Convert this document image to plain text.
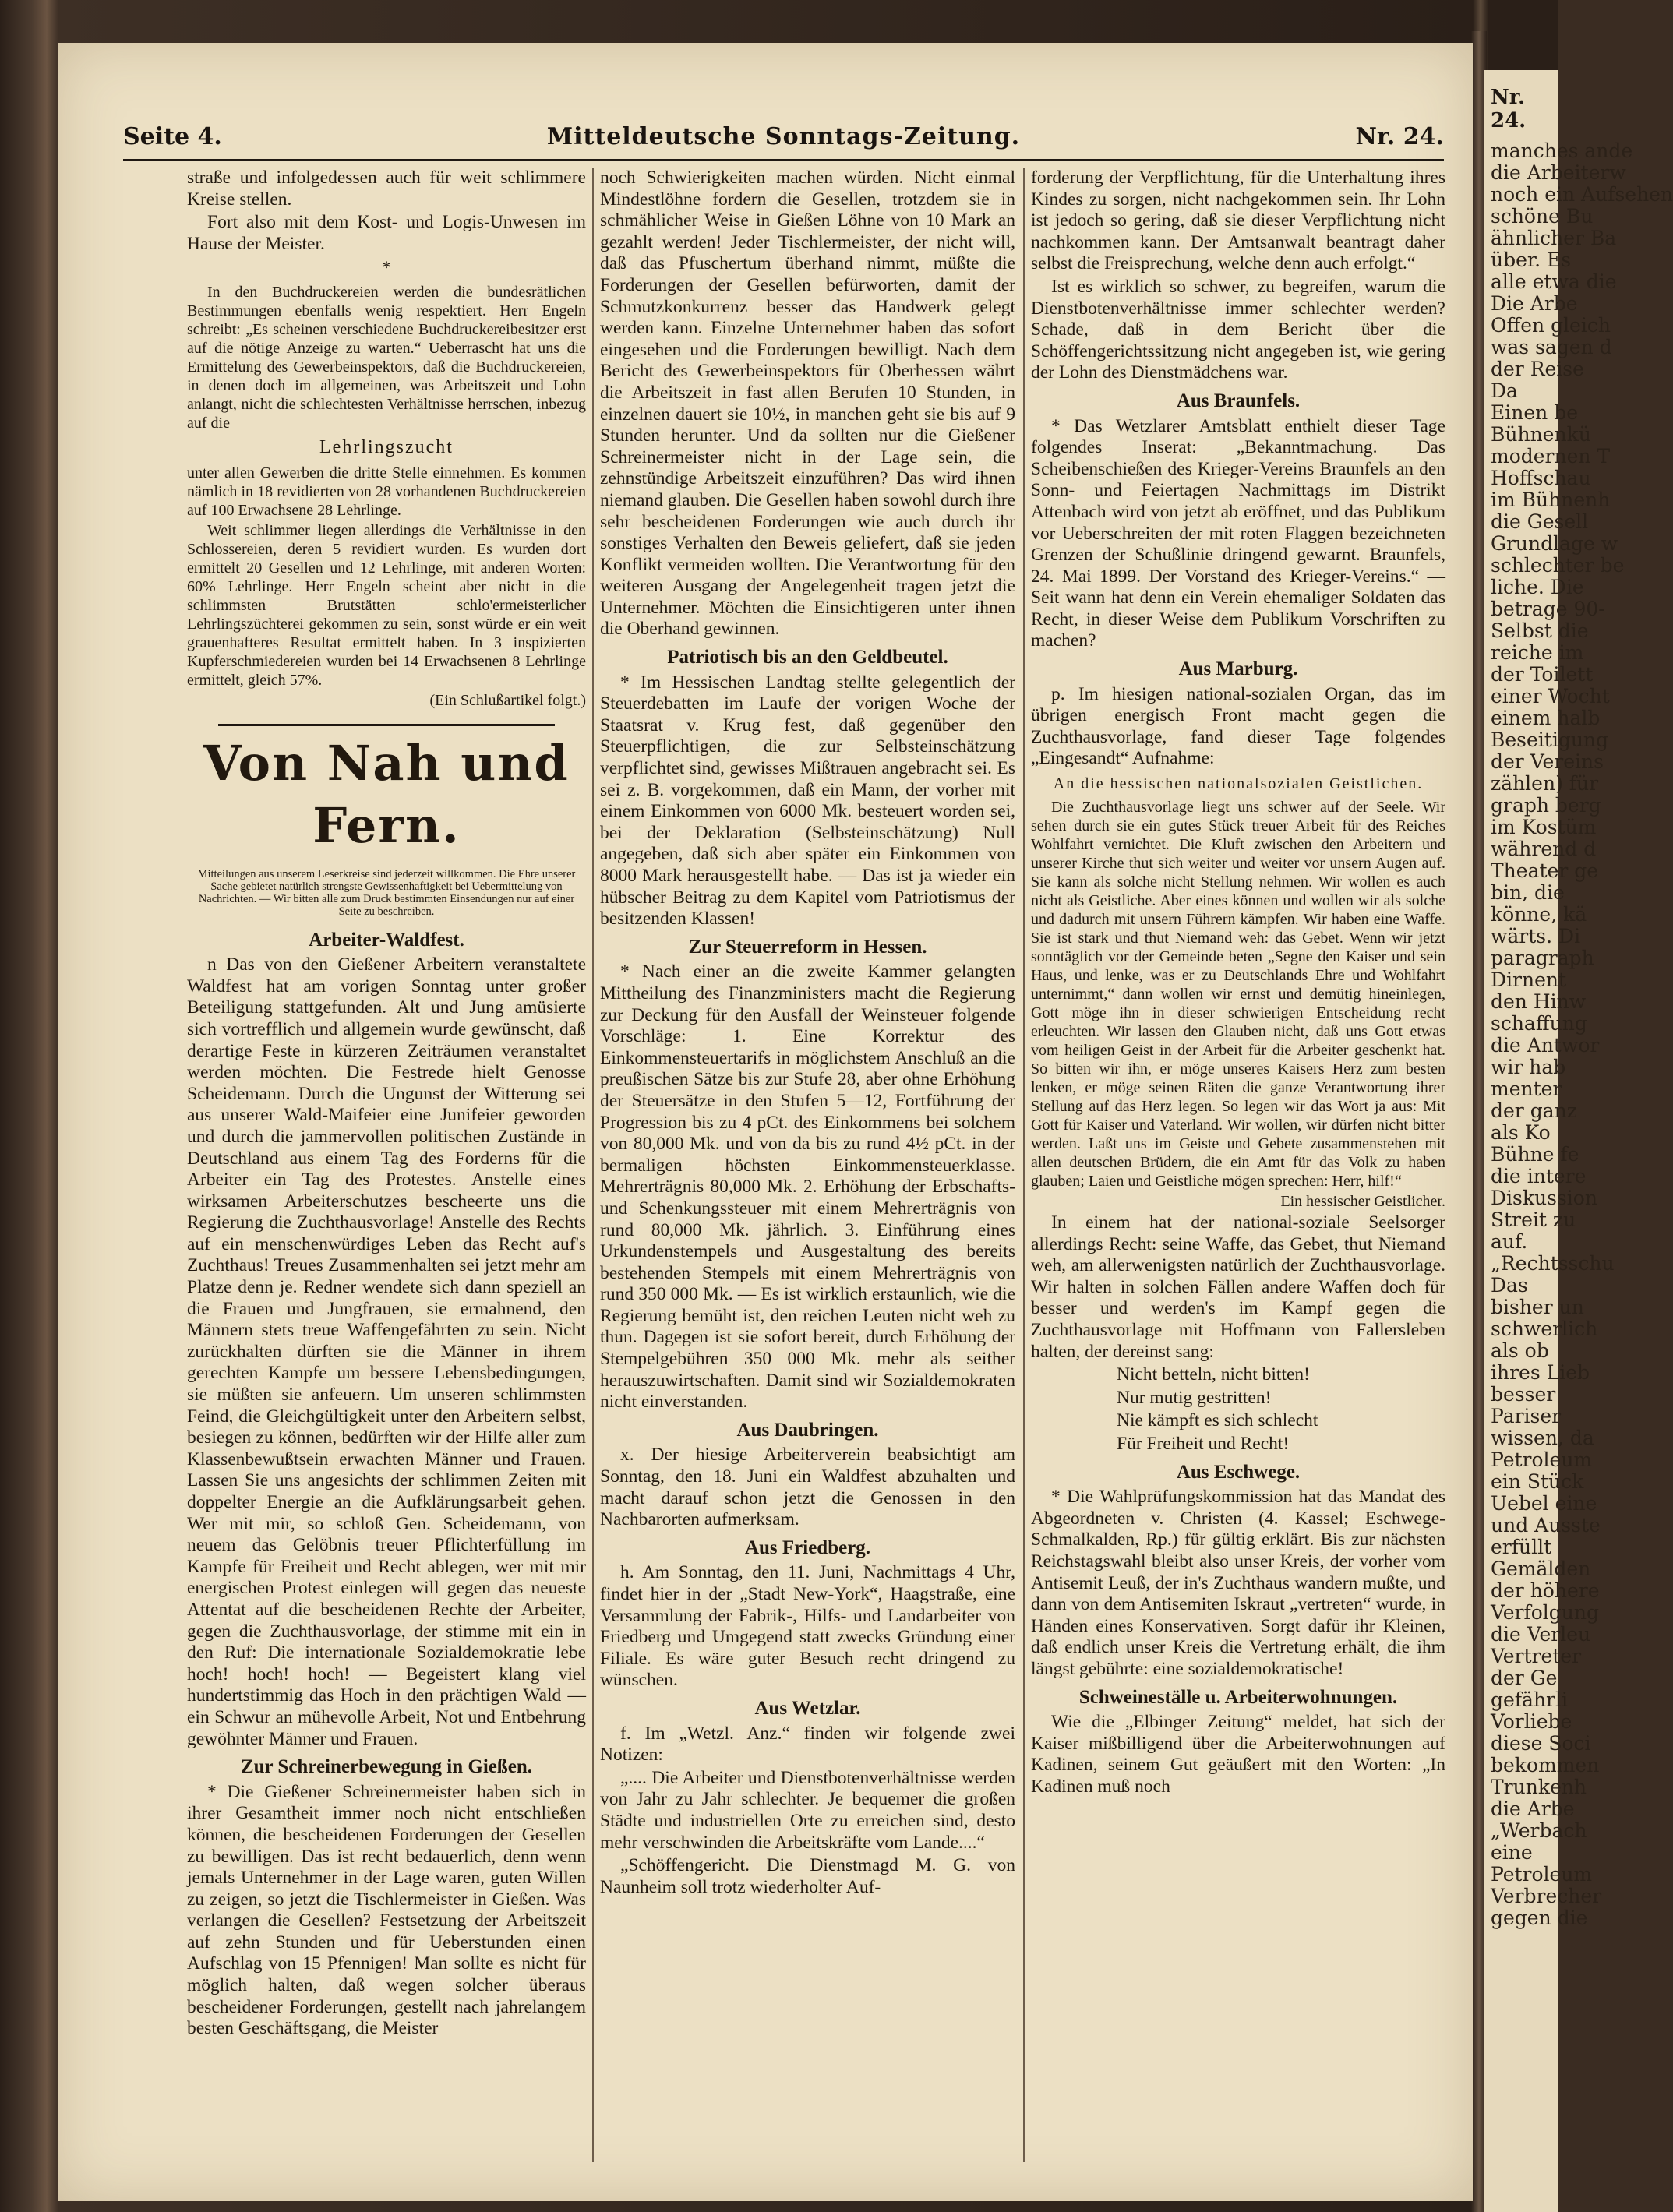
Nr. 24.
manches ande
die Arbeiterw
noch ein Aufsehen
schöne Bu
ähnlicher Ba
über. Es
alle etwa die
Die Arbe
Offen gleich
was sagen d
der Reise
Da
Einen be
Bühnenkü
modernen T
Hoffschau
im Bühnenh
die Gesell
Grundlage w
schlechter be
liche. Die
betrage 90-
Selbst die
reiche im
der Toilett
einer Wocht
einem halb
Beseitigung
der Vereins
zählen) für
graph berg
im Kostüm
während d
Theater ge
bin, die
könne, kä
wärts. Di
paragraph
Dirnent
den Hinw
schaffung
die Antwor
wir hab
menter
der ganz
als Ko
Bühne fe
die intere
Diskussion
Streit zu
auf.
„Rechtsschu
Das
bisher un
schwerlich
als ob
ihres Lieb
besser
Pariser
wissen, da
Petroleum
ein Stück
Uebel eine
und Ausste
erfüllt
Gemälden
der höhere
Verfolgung
die Verleu
Vertreter
der Ge
gefährli
Vorliebe
diese Soci
bekommen
Trunkenh
die Arbe
„Werbach
eine
Petroleum
Verbrecher
gegen die
Seite 4.	Mitteldeutsche Sonntags-Zeitung.	Nr. 24.

straße und infolgedessen auch für weit schlimmere Kreise stellen.

Fort also mit dem Kost- und Logis-Unwesen im Hause der Meister.

*

In den Buchdruckereien werden die bundesrätlichen Bestimmungen ebenfalls wenig respektiert. Herr Engeln schreibt: „Es scheinen verschiedene Buchdruckereibesitzer erst auf die nötige Anzeige zu warten.“ Ueberrascht hat uns die Ermittelung des Gewerbeinspektors, daß die Buchdruckereien, in denen doch im allgemeinen, was Arbeitszeit und Lohn anlangt, nicht die schlechtesten Verhältnisse herrschen, inbezug auf die

Lehrlingszucht

unter allen Gewerben die dritte Stelle einnehmen. Es kommen nämlich in 18 revidierten von 28 vorhandenen Buchdruckereien auf 100 Erwachsene 28 Lehrlinge.

Weit schlimmer liegen allerdings die Verhältnisse in den Schlossereien, deren 5 revidiert wurden. Es wurden dort ermittelt 20 Gesellen und 12 Lehrlinge, mit anderen Worten: 60% Lehrlinge. Herr Engeln scheint aber nicht in die schlimmsten Brutstätten schlo'ermeisterlicher Lehrlingszüchterei gekommen zu sein, sonst würde er ein weit grauenhafteres Resultat ermittelt haben. In 3 inspizierten Kupferschmiedereien wurden bei 14 Erwachsenen 8 Lehrlinge ermittelt, gleich 57%.

(Ein Schlußartikel folgt.)

Von Nah und Fern.

Mitteilungen aus unserem Leserkreise sind jederzeit willkommen. Die Ehre unserer Sache gebietet natürlich strengste Gewissenhaftigkeit bei Uebermittelung von Nachrichten. — Wir bitten alle zum Druck bestimmten Einsendungen nur auf einer Seite zu beschreiben.

Arbeiter-Waldfest.

n Das von den Gießener Arbeitern veranstaltete Waldfest hat am vorigen Sonntag unter großer Beteiligung stattgefunden. Alt und Jung amüsierte sich vortrefflich und allgemein wurde gewünscht, daß derartige Feste in kürzeren Zeiträumen veranstaltet werden möchten. Die Festrede hielt Genosse Scheidemann. Durch die Ungunst der Witterung sei aus unserer Wald-Maifeier eine Junifeier geworden und durch die jammervollen politischen Zustände in Deutschland aus einem Tag des Forderns für die Arbeiter ein Tag des Protestes. Anstelle eines wirksamen Arbeiterschutzes bescheerte uns die Regierung die Zuchthausvorlage! Anstelle des Rechts auf ein menschenwürdiges Leben das Recht auf's Zuchthaus! Treues Zusammenhalten sei jetzt mehr am Platze denn je. Redner wendete sich dann speziell an die Frauen und Jungfrauen, sie ermahnend, den Männern stets treue Waffengefährten zu sein. Nicht zurückhalten dürften sie die Männer in ihrem gerechten Kampfe um bessere Lebensbedingungen, sie müßten sie anfeuern. Um unseren schlimmsten Feind, die Gleichgültigkeit unter den Arbeitern selbst, besiegen zu können, bedürften wir der Hilfe aller zum Klassenbewußtsein erwachten Männer und Frauen. Lassen Sie uns angesichts der schlimmen Zeiten mit doppelter Energie an die Aufklärungsarbeit gehen. Wer mit mir, so schloß Gen. Scheidemann, von neuem das Gelöbnis treuer Pflichterfüllung im Kampfe für Freiheit und Recht ablegen, wer mit mir energischen Protest einlegen will gegen das neueste Attentat auf die bescheidenen Rechte der Arbeiter, gegen die Zuchthausvorlage, der stimme mit ein in den Ruf: Die internationale Sozialdemokratie lebe hoch! hoch! hoch! — Begeistert klang viel hundertstimmig das Hoch in den prächtigen Wald — ein Schwur an mühevolle Arbeit, Not und Entbehrung gewöhnter Männer und Frauen.

Zur Schreinerbewegung in Gießen.

* Die Gießener Schreinermeister haben sich in ihrer Gesamtheit immer noch nicht entschließen können, die bescheidenen Forderungen der Gesellen zu bewilligen. Das ist recht bedauerlich, denn wenn jemals Unternehmer in der Lage waren, guten Willen zu zeigen, so jetzt die Tischlermeister in Gießen. Was verlangen die Gesellen? Festsetzung der Arbeitszeit auf zehn Stunden und für Ueberstunden einen Aufschlag von 15 Pfennigen! Man sollte es nicht für möglich halten, daß wegen solcher überaus bescheidener Forderungen, gestellt nach jahrelangem besten Geschäftsgang, die Meister

noch Schwierigkeiten machen würden. Nicht einmal Mindestlöhne fordern die Gesellen, trotzdem sie in schmählicher Weise in Gießen Löhne von 10 Mark an gezahlt werden! Jeder Tischlermeister, der nicht will, daß das Pfuschertum überhand nimmt, müßte die Forderungen der Gesellen befürworten, damit der Schmutzkonkurrenz besser das Handwerk gelegt werden kann. Einzelne Unternehmer haben das sofort eingesehen und die Forderungen bewilligt. Nach dem Bericht des Gewerbeinspektors für Oberhessen währt die Arbeitszeit in fast allen Berufen 10 Stunden, in einzelnen dauert sie 10½, in manchen geht sie bis auf 9 Stunden herunter. Und da sollten nur die Gießener Schreinermeister nicht in der Lage sein, die zehnstündige Arbeitszeit einzuführen? Das wird ihnen niemand glauben. Die Gesellen haben sowohl durch ihre sehr bescheidenen Forderungen wie auch durch ihr sonstiges Verhalten den Beweis geliefert, daß sie jeden Konflikt vermeiden wollten. Die Verantwortung für den weiteren Ausgang der Angelegenheit tragen jetzt die Unternehmer. Möchten die Einsichtigeren unter ihnen die Oberhand gewinnen.

Patriotisch bis an den Geldbeutel.

* Im Hessischen Landtag stellte gelegentlich der Steuerdebatten im Laufe der vorigen Woche der Staatsrat v. Krug fest, daß gegenüber den Steuerpflichtigen, die zur Selbsteinschätzung verpflichtet sind, gewisses Mißtrauen angebracht sei. Es sei z. B. vorgekommen, daß ein Mann, der vorher mit einem Einkommen von 6000 Mk. besteuert worden sei, bei der Deklaration (Selbsteinschätzung) Null angegeben, daß sich aber später ein Einkommen von 8000 Mark herausgestellt habe. — Das ist ja wieder ein hübscher Beitrag zu dem Kapitel vom Patriotismus der besitzenden Klassen!

Zur Steuerreform in Hessen.

* Nach einer an die zweite Kammer gelangten Mittheilung des Finanzministers macht die Regierung zur Deckung für den Ausfall der Weinsteuer folgende Vorschläge: 1. Eine Korrektur des Einkommensteuertarifs in möglichstem Anschluß an die preußischen Sätze bis zur Stufe 28, aber ohne Erhöhung der Steuersätze in den Stufen 5—12, Fortführung der Progression bis zu 4 pCt. des Einkommens bei solchem von 80,000 Mk. und von da bis zu rund 4½ pCt. in der bermaligen höchsten Einkommensteuerklasse. Mehrerträgnis 80,000 Mk. 2. Erhöhung der Erbschafts- und Schenkungssteuer mit einem Mehrerträgnis von rund 80,000 Mk. jährlich. 3. Einführung eines Urkundenstempels und Ausgestaltung des bereits bestehenden Stempels mit einem Mehrerträgnis von rund 350 000 Mk. — Es ist wirklich erstaunlich, wie die Regierung bemüht ist, den reichen Leuten nicht weh zu thun. Dagegen ist sie sofort bereit, durch Erhöhung der Stempelgebühren 350 000 Mk. mehr als seither herauszuwirtschaften. Damit sind wir Sozialdemokraten nicht einverstanden.

Aus Daubringen.

x. Der hiesige Arbeiterverein beabsichtigt am Sonntag, den 18. Juni ein Waldfest abzuhalten und macht darauf schon jetzt die Genossen in den Nachbarorten aufmerksam.

Aus Friedberg.

h. Am Sonntag, den 11. Juni, Nachmittags 4 Uhr, findet hier in der „Stadt New-York“, Haagstraße, eine Versammlung der Fabrik-, Hilfs- und Landarbeiter von Friedberg und Umgegend statt zwecks Gründung einer Filiale. Es wäre guter Besuch recht dringend zu wünschen.

Aus Wetzlar.

f. Im „Wetzl. Anz.“ finden wir folgende zwei Notizen:

„.... Die Arbeiter und Dienstbotenverhältnisse werden von Jahr zu Jahr schlechter. Je bequemer die großen Städte und industriellen Orte zu erreichen sind, desto mehr verschwinden die Arbeitskräfte vom Lande....“

„Schöffengericht. Die Dienstmagd M. G. von Naunheim soll trotz wiederholter Auf-

forderung der Verpflichtung, für die Unterhaltung ihres Kindes zu sorgen, nicht nachgekommen sein. Ihr Lohn ist jedoch so gering, daß sie dieser Verpflichtung nicht nachkommen kann. Der Amtsanwalt beantragt daher selbst die Freisprechung, welche denn auch erfolgt.“

Ist es wirklich so schwer, zu begreifen, warum die Dienstbotenverhältnisse immer schlechter werden? Schade, daß in dem Bericht über die Schöffengerichtssitzung nicht angegeben ist, wie gering der Lohn des Dienstmädchens war.

Aus Braunfels.

* Das Wetzlarer Amtsblatt enthielt dieser Tage folgendes Inserat: „Bekanntmachung. Das Scheibenschießen des Krieger-Vereins Braunfels an den Sonn- und Feiertagen Nachmittags im Distrikt Attenbach wird von jetzt ab eröffnet, und das Publikum vor Ueberschreiten der mit roten Flaggen bezeichneten Grenzen der Schußlinie dringend gewarnt. Braunfels, 24. Mai 1899. Der Vorstand des Krieger-Vereins.“ — Seit wann hat denn ein Verein ehemaliger Soldaten das Recht, in dieser Weise dem Publikum Vorschriften zu machen?

Aus Marburg.

p. Im hiesigen national-sozialen Organ, das im übrigen energisch Front macht gegen die Zuchthausvorlage, fand dieser Tage folgendes „Eingesandt“ Aufnahme:

An die hessischen nationalsozialen Geistlichen.

Die Zuchthausvorlage liegt uns schwer auf der Seele. Wir sehen durch sie ein gutes Stück treuer Arbeit für des Reiches Wohlfahrt vernichtet. Die Kluft zwischen den Arbeitern und unserer Kirche thut sich weiter und weiter vor unsern Augen auf. Sie kann als solche nicht Stellung nehmen. Wir wollen es auch nicht als Geistliche. Aber eines können und wollen wir als solche und dadurch mit unsern Führern kämpfen. Wir haben eine Waffe. Sie ist stark und thut Niemand weh: das Gebet. Wenn wir jetzt sonntäglich vor der Gemeinde beten „Segne den Kaiser und sein Haus, und lenke, was er zu Deutschlands Ehre und Wohlfahrt unternimmt,“ dann wollen wir ernst und demütig hineinlegen, Gott möge ihn in dieser schwierigen Entscheidung recht erleuchten. Wir lassen den Glauben nicht, daß uns Gott etwas vom heiligen Geist in der Arbeit für die Arbeiter geschenkt hat. So bitten wir ihn, er möge unseres Kaisers Herz zum besten lenken, er möge seinen Räten die ganze Verantwortung ihrer Stellung auf das Herz legen. So legen wir das Wort ja aus: Mit Gott für Kaiser und Vaterland. Wir wollen, wir dürfen nicht bitter werden. Laßt uns im Geiste und Gebete zusammenstehen mit allen deutschen Brüdern, die ein Amt für das Volk zu haben glauben; Laien und Geistliche mögen sprechen: Herr, hilf!“

Ein hessischer Geistlicher.

In einem hat der national-soziale Seelsorger allerdings Recht: seine Waffe, das Gebet, thut Niemand weh, am allerwenigsten natürlich der Zuchthausvorlage. Wir halten in solchen Fällen andere Waffen doch für besser und werden's im Kampf gegen die Zuchthausvorlage mit Hoffmann von Fallersleben halten, der dereinst sang:

Nicht betteln, nicht bitten!

Nur mutig gestritten!

Nie kämpft es sich schlecht

Für Freiheit und Recht!

Aus Eschwege.

* Die Wahlprüfungskommission hat das Mandat des Abgeordneten v. Christen (4. Kassel; Eschwege-Schmalkalden, Rp.) für gültig erklärt. Bis zur nächsten Reichstagswahl bleibt also unser Kreis, der vorher vom Antisemit Leuß, der in's Zuchthaus wandern mußte, und dann von dem Antisemiten Iskraut „vertreten“ wurde, in Händen eines Konservativen. Sorgt dafür ihr Kleinen, daß endlich unser Kreis die Vertretung erhält, die ihm längst gebührte: eine sozialdemokratische!

Schweineställe u. Arbeiterwohnungen.

Wie die „Elbinger Zeitung“ meldet, hat sich der Kaiser mißbilligend über die Arbeiterwohnungen auf Kadinen, seinem Gut geäußert mit den Worten: „In Kadinen muß noch
